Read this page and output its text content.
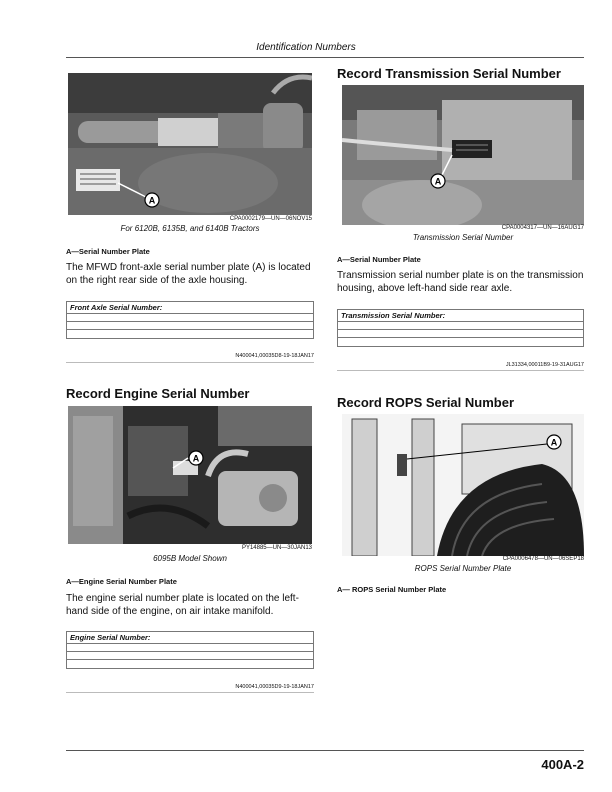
Identification Numbers
A
CPA0002179—UN—06NOV15
For 6120B, 6135B, and 6140B Tractors
A—Serial Number Plate
The MFWD front-axle serial number plate (A) is located on the right rear side of the axle housing.
Front Axle Serial Number:
N400041,00035D8-19-18JAN17
Record Engine Serial Number
A
PY14885—UN—30JAN13
6095B Model Shown
A—Engine Serial Number Plate
The engine serial number plate is located on the left-hand side of the engine, on air intake manifold.
Engine Serial Number:
N400041,00035D9-19-18JAN17
Record Transmission Serial Number
A
CPA0004317—UN—16AUG17
Transmission Serial Number
A—Serial Number Plate
Transmission serial number plate is on the transmission housing, above left-hand side rear axle.
Transmission Serial Number:
JL31334,00011B9-19-31AUG17
Record ROPS Serial Number
A
CPA0006478—UN—06SEP18
ROPS Serial Number Plate
A— ROPS Serial Number Plate
400A-2
